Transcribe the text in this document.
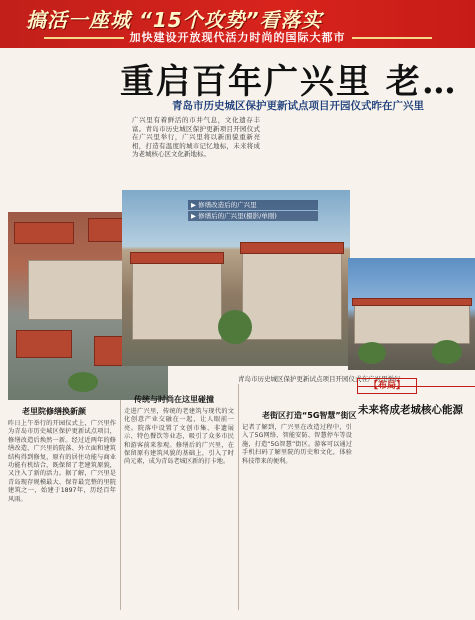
搞活一座城 “15个攻势”看落实
加快建设开放现代活力时尚的国际大都市
重启百年广兴里 老…
青岛市历史城区保护更新试点项目开园仪式昨在广兴里
广兴里有着鲜活的市井气息，文化遗存丰富。青岛市历史城区保护更新项目开园仪式在广兴里举行，广兴里将以新面貌重新亮相，打造有温度的城市记忆地标，未来将成为老城核心区文化新地标。
▶ 修缮改造后的广兴里
▶ 修缮后的广兴里(摄影/单刚)
青岛市历史城区保护更新试点项目开园仪式在广兴里举行
老里院修缮换新颜
昨日上午举行的开园仪式上，广兴里作为青岛市历史城区保护更新试点项目，修缮改造后焕然一新。经过近两年的修缮改造，广兴里的院落、外立面和建筑结构得到修复，原有的居住功能与商业功能有机结合，既保留了老建筑原貌，又注入了新的活力。据了解，广兴里是青岛现存规模最大、保存最完整的里院建筑之一，始建于1897年，历经百年风雨。
传统与时尚在这里碰撞
走进广兴里，传统的老建筑与现代的文化创意产业交融在一起，让人眼前一亮。院落中设置了文创市集、非遗展示、特色餐饮等业态，吸引了众多市民和游客前来参观。修缮后的广兴里，在保留原有建筑风貌的基础上，引入了时尚元素，成为青岛老城区新的打卡地。
老街区打造“5G智慧”街区
记者了解到，广兴里在改造过程中，引入了5G网络、智能安防、智慧停车等设施，打造“5G智慧”街区。游客可以通过手机扫码了解里院的历史和文化，体验科技带来的便利。
【布局】
未来将成老城核心能源
